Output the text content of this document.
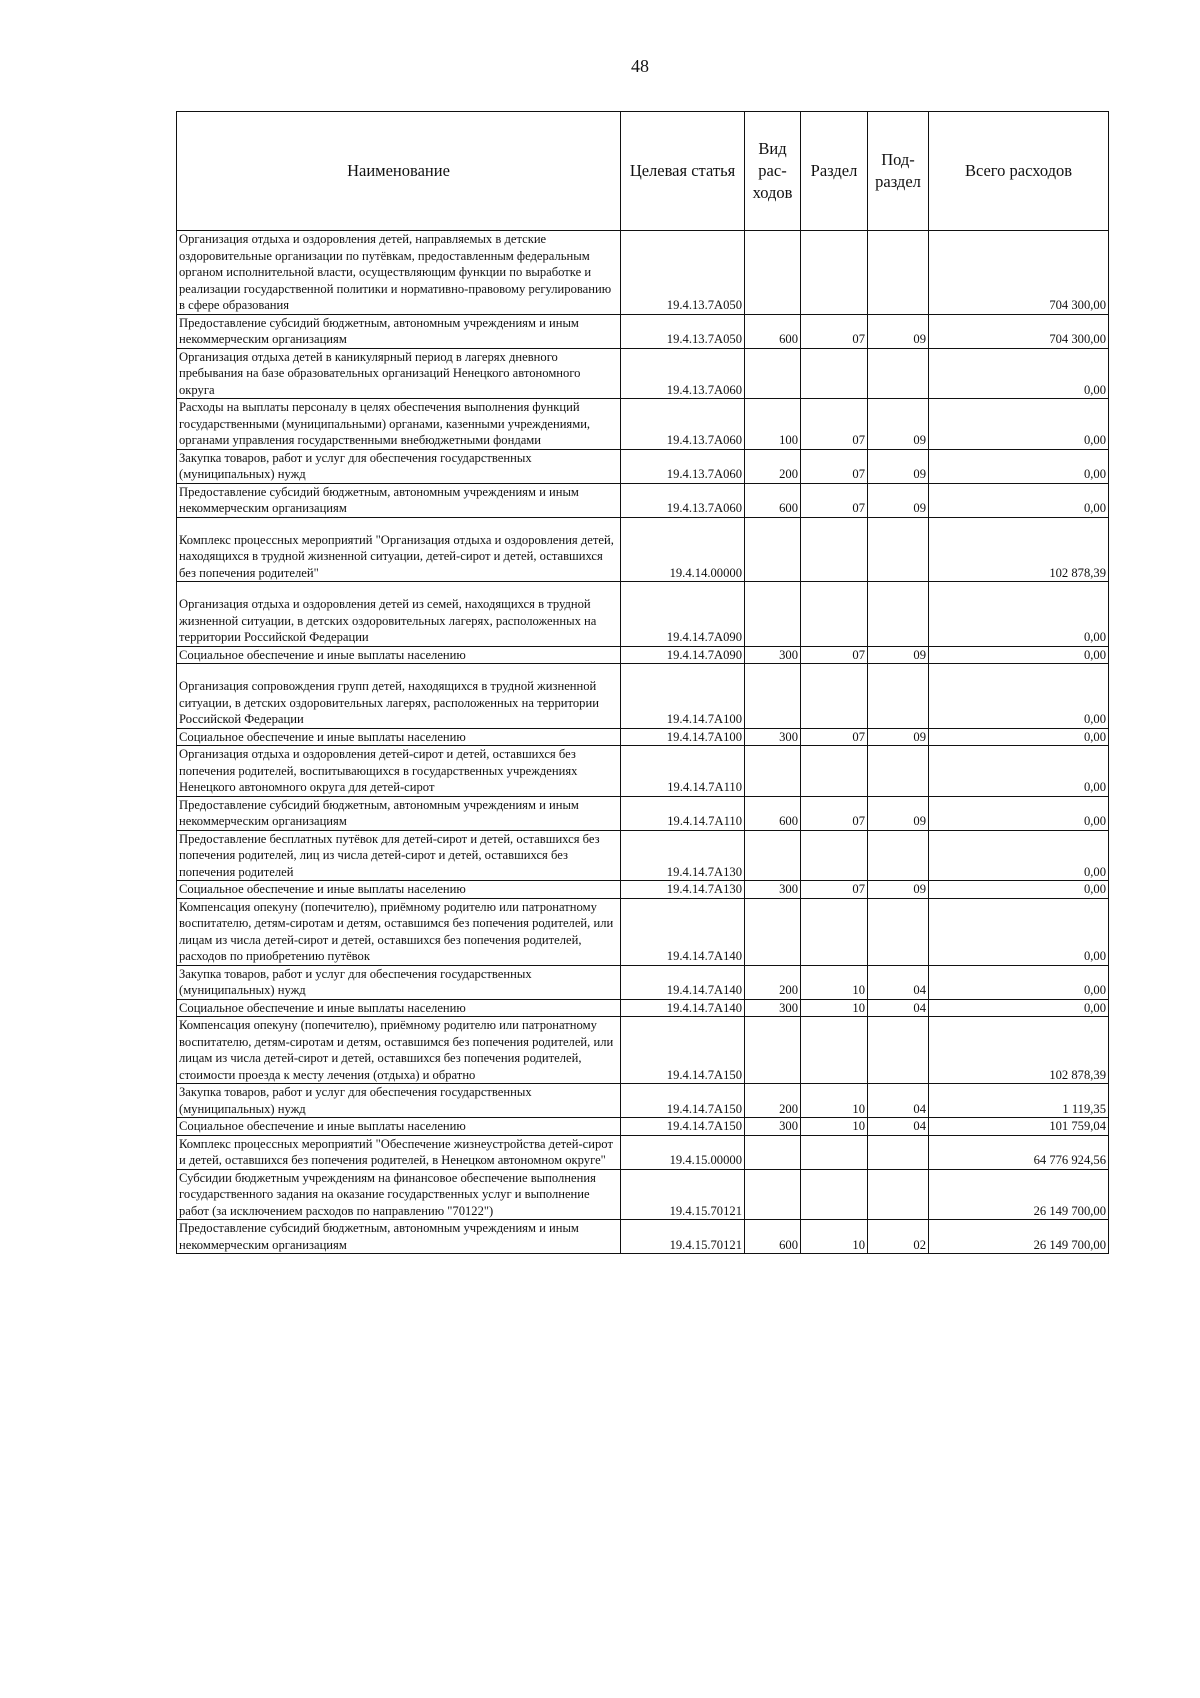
48
Наименование	Целевая статья	Вид рас-ходов	Раздел	Под-раздел	Всего расходов
Организация отдыха и оздоровления детей, направляемых в детские оздоровительные организации по путёвкам, предоставленным федеральным органом исполнительной власти, осуществляющим функции по выработке и реализации государственной политики и нормативно-правовому регулированию в сфере образования	19.4.13.7А050				704 300,00
Предоставление субсидий бюджетным, автономным учреждениям и иным некоммерческим организациям	19.4.13.7А050	600	07	09	704 300,00
Организация отдыха детей в каникулярный период в лагерях дневного пребывания на базе образовательных организаций Ненецкого автономного округа	19.4.13.7А060				0,00
Расходы на выплаты персоналу в целях обеспечения выполнения функций государственными (муниципальными) органами, казенными учреждениями, органами управления государственными внебюджетными фондами	19.4.13.7А060	100	07	09	0,00
Закупка товаров, работ и услуг для обеспечения государственных (муниципальных) нужд	19.4.13.7А060	200	07	09	0,00
Предоставление субсидий бюджетным, автономным учреждениям и иным некоммерческим организациям	19.4.13.7А060	600	07	09	0,00
Комплекс процессных мероприятий "Организация отдыха и оздоровления детей, находящихся в трудной жизненной ситуации, детей-сирот и детей, оставшихся без попечения родителей"	19.4.14.00000				102 878,39
Организация отдыха и оздоровления детей из семей, находящихся в трудной жизненной ситуации, в детских оздоровительных лагерях, расположенных на территории Российской Федерации	19.4.14.7А090				0,00
Социальное обеспечение и иные выплаты населению	19.4.14.7А090	300	07	09	0,00
Организация сопровождения групп детей, находящихся в трудной жизненной ситуации, в детских оздоровительных лагерях, расположенных на территории Российской Федерации	19.4.14.7А100				0,00
Социальное обеспечение и иные выплаты населению	19.4.14.7А100	300	07	09	0,00
Организация отдыха и оздоровления детей-сирот и детей, оставшихся без попечения родителей, воспитывающихся в государственных учреждениях Ненецкого автономного округа для детей-сирот	19.4.14.7А110				0,00
Предоставление субсидий бюджетным, автономным учреждениям и иным некоммерческим организациям	19.4.14.7А110	600	07	09	0,00
Предоставление бесплатных путёвок для детей-сирот и детей, оставшихся без попечения родителей, лиц из числа детей-сирот и детей, оставшихся без попечения родителей	19.4.14.7А130				0,00
Социальное обеспечение и иные выплаты населению	19.4.14.7А130	300	07	09	0,00
Компенсация опекуну (попечителю), приёмному родителю или патронатному воспитателю, детям-сиротам и детям, оставшимся без попечения родителей, или лицам из числа детей-сирот и детей, оставшихся без попечения родителей, расходов по приобретению путёвок	19.4.14.7А140				0,00
Закупка товаров, работ и услуг для обеспечения государственных (муниципальных) нужд	19.4.14.7А140	200	10	04	0,00
Социальное обеспечение и иные выплаты населению	19.4.14.7А140	300	10	04	0,00
Компенсация опекуну (попечителю), приёмному родителю или патронатному воспитателю, детям-сиротам и детям, оставшимся без попечения родителей, или лицам из числа детей-сирот и детей, оставшихся без попечения родителей, стоимости проезда к месту лечения (отдыха) и обратно	19.4.14.7А150				102 878,39
Закупка товаров, работ и услуг для обеспечения государственных (муниципальных) нужд	19.4.14.7А150	200	10	04	1 119,35
Социальное обеспечение и иные выплаты населению	19.4.14.7А150	300	10	04	101 759,04
Комплекс процессных мероприятий "Обеспечение жизнеустройства детей-сирот и детей, оставшихся без попечения родителей, в Ненецком автономном округе"	19.4.15.00000				64 776 924,56
Субсидии бюджетным учреждениям на финансовое обеспечение выполнения государственного задания на оказание государственных услуг и выполнение работ (за исключением расходов по направлению "70122")	19.4.15.70121				26 149 700,00
Предоставление субсидий бюджетным, автономным учреждениям и иным некоммерческим организациям	19.4.15.70121	600	10	02	26 149 700,00
